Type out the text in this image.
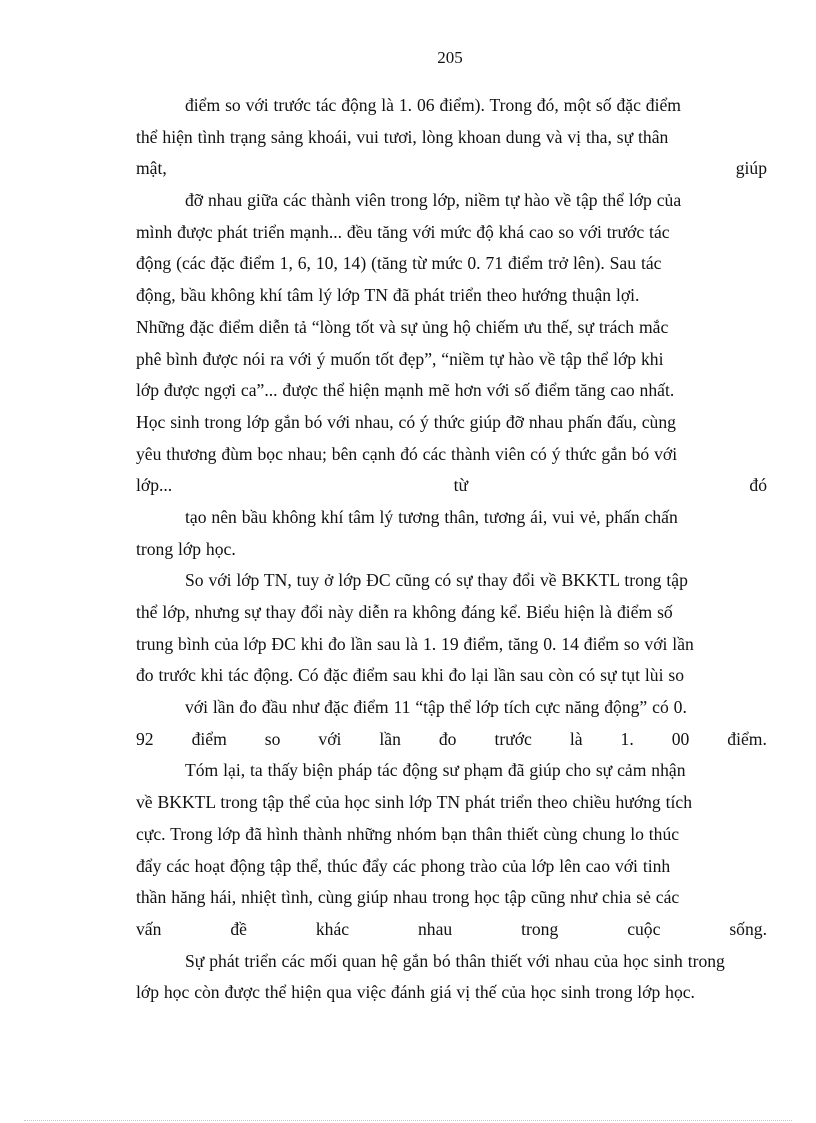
205
điểm so với trước tác động là 1. 06 điểm). Trong đó, một số đặc điểm
thể hiện tình trạng sảng khoái, vui tươi, lòng khoan dung và vị tha, sự thân
mật,	giúp
đỡ nhau giữa các thành viên trong lớp, niềm tự hào về tập thể lớp của
mình được phát triển mạnh... đều tăng với mức độ khá cao so với trước tác
động (các đặc điểm 1, 6, 10, 14) (tăng từ mức 0. 71 điểm trở lên). Sau tác
động, bầu không khí tâm lý lớp TN đã phát triển theo hướng thuận lợi.
Những đặc điểm diễn tả “lòng tốt và sự ủng hộ chiếm ưu thế, sự trách mắc
phê bình được nói ra với ý muốn tốt đẹp”, “niềm tự hào về tập thể lớp khi
lớp được ngợi ca”... được thể hiện mạnh mẽ hơn với số điểm tăng cao nhất.
Học sinh trong lớp gắn bó với nhau, có ý thức giúp đỡ nhau phấn đấu, cùng
yêu thương đùm bọc nhau; bên cạnh đó các thành viên có ý thức gắn bó với
lớp...	từ	đó
tạo nên bầu không khí tâm lý tương thân, tương ái, vui vẻ, phấn chấn
trong lớp học.
So với lớp TN, tuy ở lớp ĐC cũng có sự thay đổi về BKKTL trong tập
thể lớp, nhưng sự thay đổi này diễn ra không đáng kể. Biểu hiện là điểm số
trung bình của lớp ĐC khi đo lần sau là 1. 19 điểm, tăng 0. 14 điểm so với lần
đo trước khi tác động. Có đặc điểm sau khi đo lại lần sau còn có sự tụt lùi so
với lần đo đầu như đặc điểm 11 “tập thể lớp tích cực năng động” có 0.
92 điểm so với lần đo trước là 1. 00 điểm.
Tóm lại, ta thấy biện pháp tác động sư phạm đã giúp cho sự cảm nhận
về BKKTL trong tập thể của học sinh lớp TN phát triển theo chiều hướng tích
cực. Trong lớp đã hình thành những nhóm bạn thân thiết cùng chung lo thúc
đẩy các hoạt động tập thể, thúc đẩy các phong trào của lớp lên cao với tinh
thần hăng hái, nhiệt tình, cùng giúp nhau trong học tập cũng như chia sẻ các
vấn	đề	khác	nhau	trong	cuộc	sống.
Sự phát triển các mối quan hệ gắn bó thân thiết với nhau của học sinh trong
lớp học còn được thể hiện qua việc đánh giá vị thế của học sinh trong lớp học.
